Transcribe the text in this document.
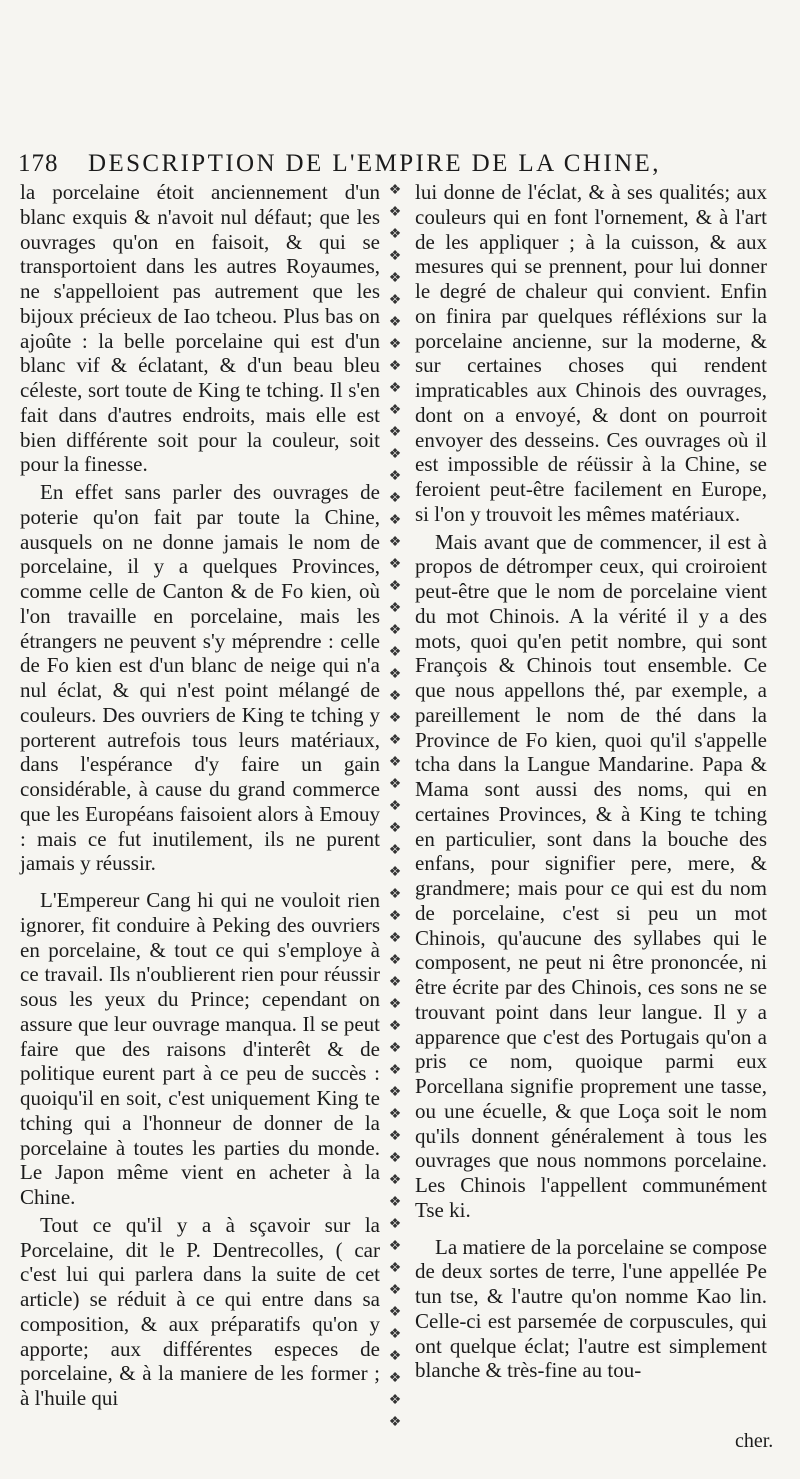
178 DESCRIPTION DE L'EMPIRE DE LA CHINE,

la porcelaine étoit anciennement d'un blanc exquis & n'avoit nul défaut; que les ouvrages qu'on en faisoit, & qui se transportoient dans les autres Royaumes, ne s'appelloient pas autrement que les bijoux précieux de Iao tcheou. Plus bas on ajoûte : la belle porcelaine qui est d'un blanc vif & éclatant, & d'un beau bleu céleste, sort toute de King te tching. Il s'en fait dans d'autres endroits, mais elle est bien différente soit pour la couleur, soit pour la finesse.

En effet sans parler des ouvrages de poterie qu'on fait par toute la Chine, ausquels on ne donne jamais le nom de porcelaine, il y a quelques Provinces, comme celle de Canton & de Fo kien, où l'on travaille en porcelaine, mais les étrangers ne peuvent s'y méprendre : celle de Fo kien est d'un blanc de neige qui n'a nul éclat, & qui n'est point mélangé de couleurs. Des ouvriers de King te tching y porterent autrefois tous leurs matériaux, dans l'espérance d'y faire un gain considérable, à cause du grand commerce que les Européans faisoient alors à Emouy : mais ce fut inutilement, ils ne purent jamais y réussir.

L'Empereur Cang hi qui ne vouloit rien ignorer, fit conduire à Peking des ouvriers en porcelaine, & tout ce qui s'employe à ce travail. Ils n'oublierent rien pour réussir sous les yeux du Prince; cependant on assure que leur ouvrage manqua. Il se peut faire que des raisons d'interêt & de politique eurent part à ce peu de succès : quoiqu'il en soit, c'est uniquement King te tching qui a l'honneur de donner de la porcelaine à toutes les parties du monde. Le Japon même vient en acheter à la Chine.

Tout ce qu'il y a à sçavoir sur la Porcelaine, dit le P. Dentrecolles, ( car c'est lui qui parlera dans la suite de cet article) se réduit à ce qui entre dans sa composition, & aux préparatifs qu'on y apporte; aux différentes especes de porcelaine, & à la maniere de les former ; à l'huile qui

❖
❖
❖
❖
❖
❖
❖
❖
❖
❖
❖
❖
❖
❖
❖
❖
❖
❖
❖
❖
❖
❖
❖
❖
❖
❖
❖
❖
❖
❖
❖
❖
❖
❖
❖
❖
❖
❖
❖
❖
❖
❖
❖
❖
❖
❖
❖
❖
❖
❖
❖
❖
❖
❖
❖
❖
❖

lui donne de l'éclat, & à ses qualités; aux couleurs qui en font l'ornement, & à l'art de les appliquer ; à la cuisson, & aux mesures qui se prennent, pour lui donner le degré de chaleur qui convient. Enfin on finira par quelques réfléxions sur la porcelaine ancienne, sur la moderne, & sur certaines choses qui rendent impraticables aux Chinois des ouvrages, dont on a envoyé, & dont on pourroit envoyer des desseins. Ces ouvrages où il est impossible de réüssir à la Chine, se feroient peut-être facilement en Europe, si l'on y trouvoit les mêmes matériaux.

Mais avant que de commencer, il est à propos de détromper ceux, qui croiroient peut-être que le nom de porcelaine vient du mot Chinois. A la vérité il y a des mots, quoi qu'en petit nombre, qui sont François & Chinois tout ensemble. Ce que nous appellons thé, par exemple, a pareillement le nom de thé dans la Province de Fo kien, quoi qu'il s'appelle tcha dans la Langue Mandarine. Papa & Mama sont aussi des noms, qui en certaines Provinces, & à King te tching en particulier, sont dans la bouche des enfans, pour signifier pere, mere, & grandmere; mais pour ce qui est du nom de porcelaine, c'est si peu un mot Chinois, qu'aucune des syllabes qui le composent, ne peut ni être prononcée, ni être écrite par des Chinois, ces sons ne se trouvant point dans leur langue. Il y a apparence que c'est des Portugais qu'on a pris ce nom, quoique parmi eux Porcellana signifie proprement une tasse, ou une écuelle, & que Loça soit le nom qu'ils donnent généralement à tous les ouvrages que nous nommons porcelaine. Les Chinois l'appellent communément Tse ki.

La matiere de la porcelaine se compose de deux sortes de terre, l'une appellée Pe tun tse, & l'autre qu'on nomme Kao lin. Celle-ci est parsemée de corpuscules, qui ont quelque éclat; l'autre est simplement blanche & très-fine au tou-

cher.
